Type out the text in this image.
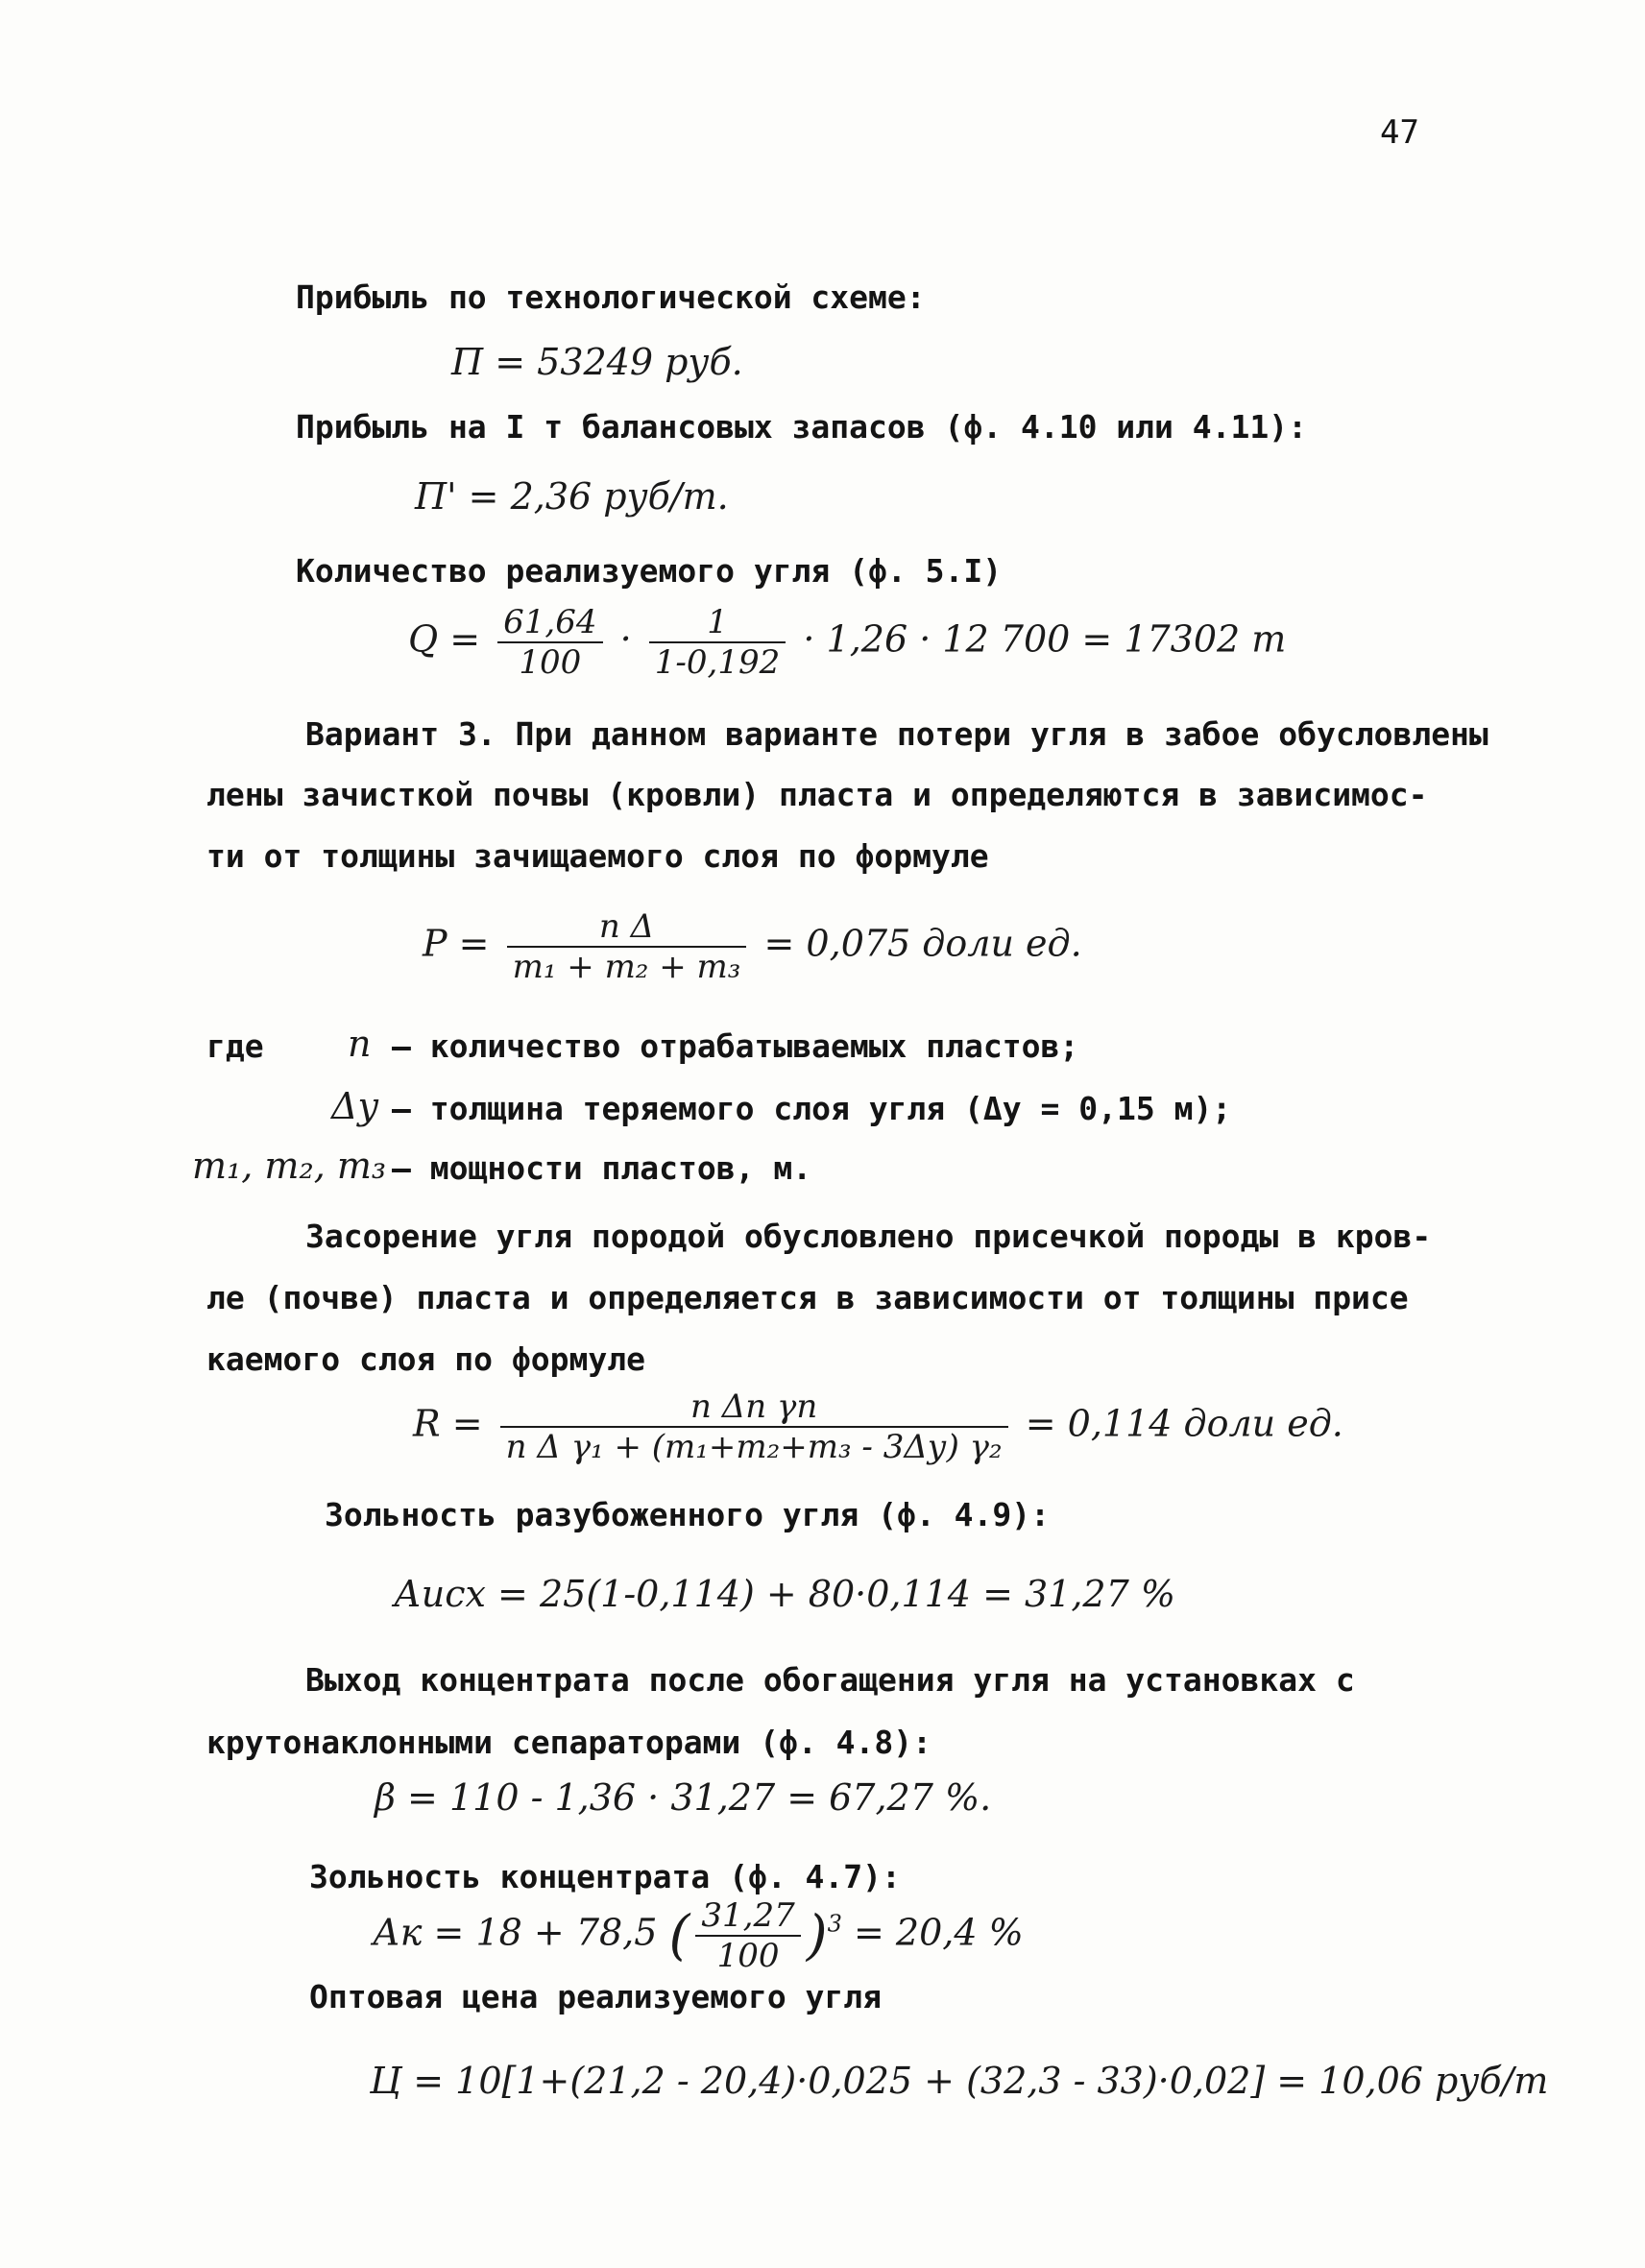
47
Прибыль по технологической схеме:
П = 53249 руб.
Прибыль на I т балансовых запасов (ф. 4.10 или 4.11):
П' = 2,36 руб/т.
Количество реализуемого угля (ф. 5.I)
$Q = \frac{61,64}{100} \cdot \frac{1}{1-0,192} \cdot 1,26 \cdot 12$ 700 = 17302 т
Вариант 3. При данном варианте потери угля в забое обусловлены
лены зачисткой почвы (кровли) пласта и определяются в зависимос-
ти от толщины зачищаемого слоя по формуле
$P = \frac{\text{n Δ}}{\text{m₁ + m₂ + m₃}} = 0,075$ доли ед.
где n – количество отрабатываемых пластов;
Δу – толщина теряемого слоя угля (Δу = 0,15 м);
m₁, m₂, m₃ – мощности пластов, м.
Засорение угля породой обусловлено присечкой породы в кров-
ле (почве) пласта и определяется в зависимости от толщины присе
каемого слоя по формуле
$R = \frac{\text{n Δп γп}}{\text{n Δ γ₁ + (m₁+m₂+m₃ - 3Δу) γ₂}} = 0,114$ доли ед.
Зольность разубоженного угля (ф. 4.9):
Аисх = 25(1-0,114) + 80·0,114 = 31,27 %
Выход концентрата после обогащения угля на установках с
крутонаклонными сепараторами (ф. 4.8):
β = 110 - 1,36 · 31,27 = 67,27 %.
Зольность концентрата (ф. 4.7):
Ак = 18 + 78,5 ( $\frac{31,27}{100} )^3 = 20,4$ %
Оптовая цена реализуемого угля
Ц = 10[1+(21,2 - 20,4)·0,025 + (32,3 - 33)·0,02] = 10,06 руб/т
